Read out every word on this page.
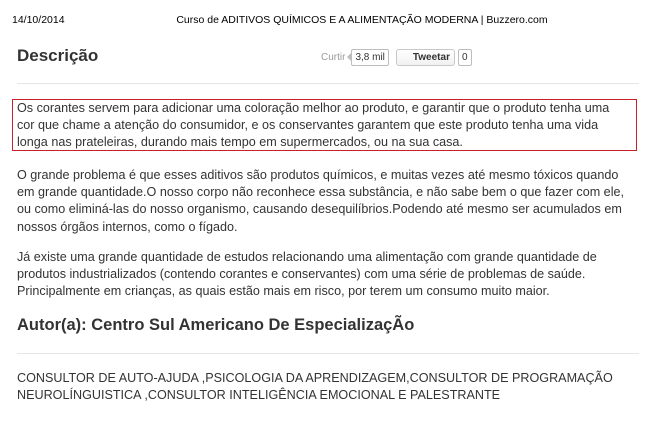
14/10/2014	Curso de ADITIVOS QUÍMICOS E A ALIMENTAÇÃO MODERNA | Buzzero.com
Descrição	Curtir	3,8 mil	Tweetar	0

Os corantes servem para adicionar uma coloração melhor ao produto, e garantir que o produto tenha uma cor que chame a atenção do consumidor, e os conservantes garantem que este produto tenha uma vida longa nas prateleiras, durando mais tempo em supermercados, ou na sua casa.

O grande problema é que esses aditivos são produtos químicos, e muitas vezes até mesmo tóxicos quando em grande quantidade.O nosso corpo não reconhece essa substância, e não sabe bem o que fazer com ele, ou como eliminá-las do nosso organismo, causando desequilíbrios.Podendo até mesmo ser acumulados em nossos órgãos internos, como o fígado.

Já existe uma grande quantidade de estudos relacionando uma alimentação com grande quantidade de produtos industrializados (contendo corantes e conservantes) com uma série de problemas de saúde. Principalmente em crianças, as quais estão mais em risco, por terem um consumo muito maior.

Autor(a): Centro Sul Americano De EspecializaçÃo

CONSULTOR DE AUTO-AJUDA ,PSICOLOGIA DA APRENDIZAGEM,CONSULTOR DE PROGRAMAÇÃO NEUROLÍNGUISTICA ,CONSULTOR INTELIGÊNCIA EMOCIONAL E PALESTRANTE
